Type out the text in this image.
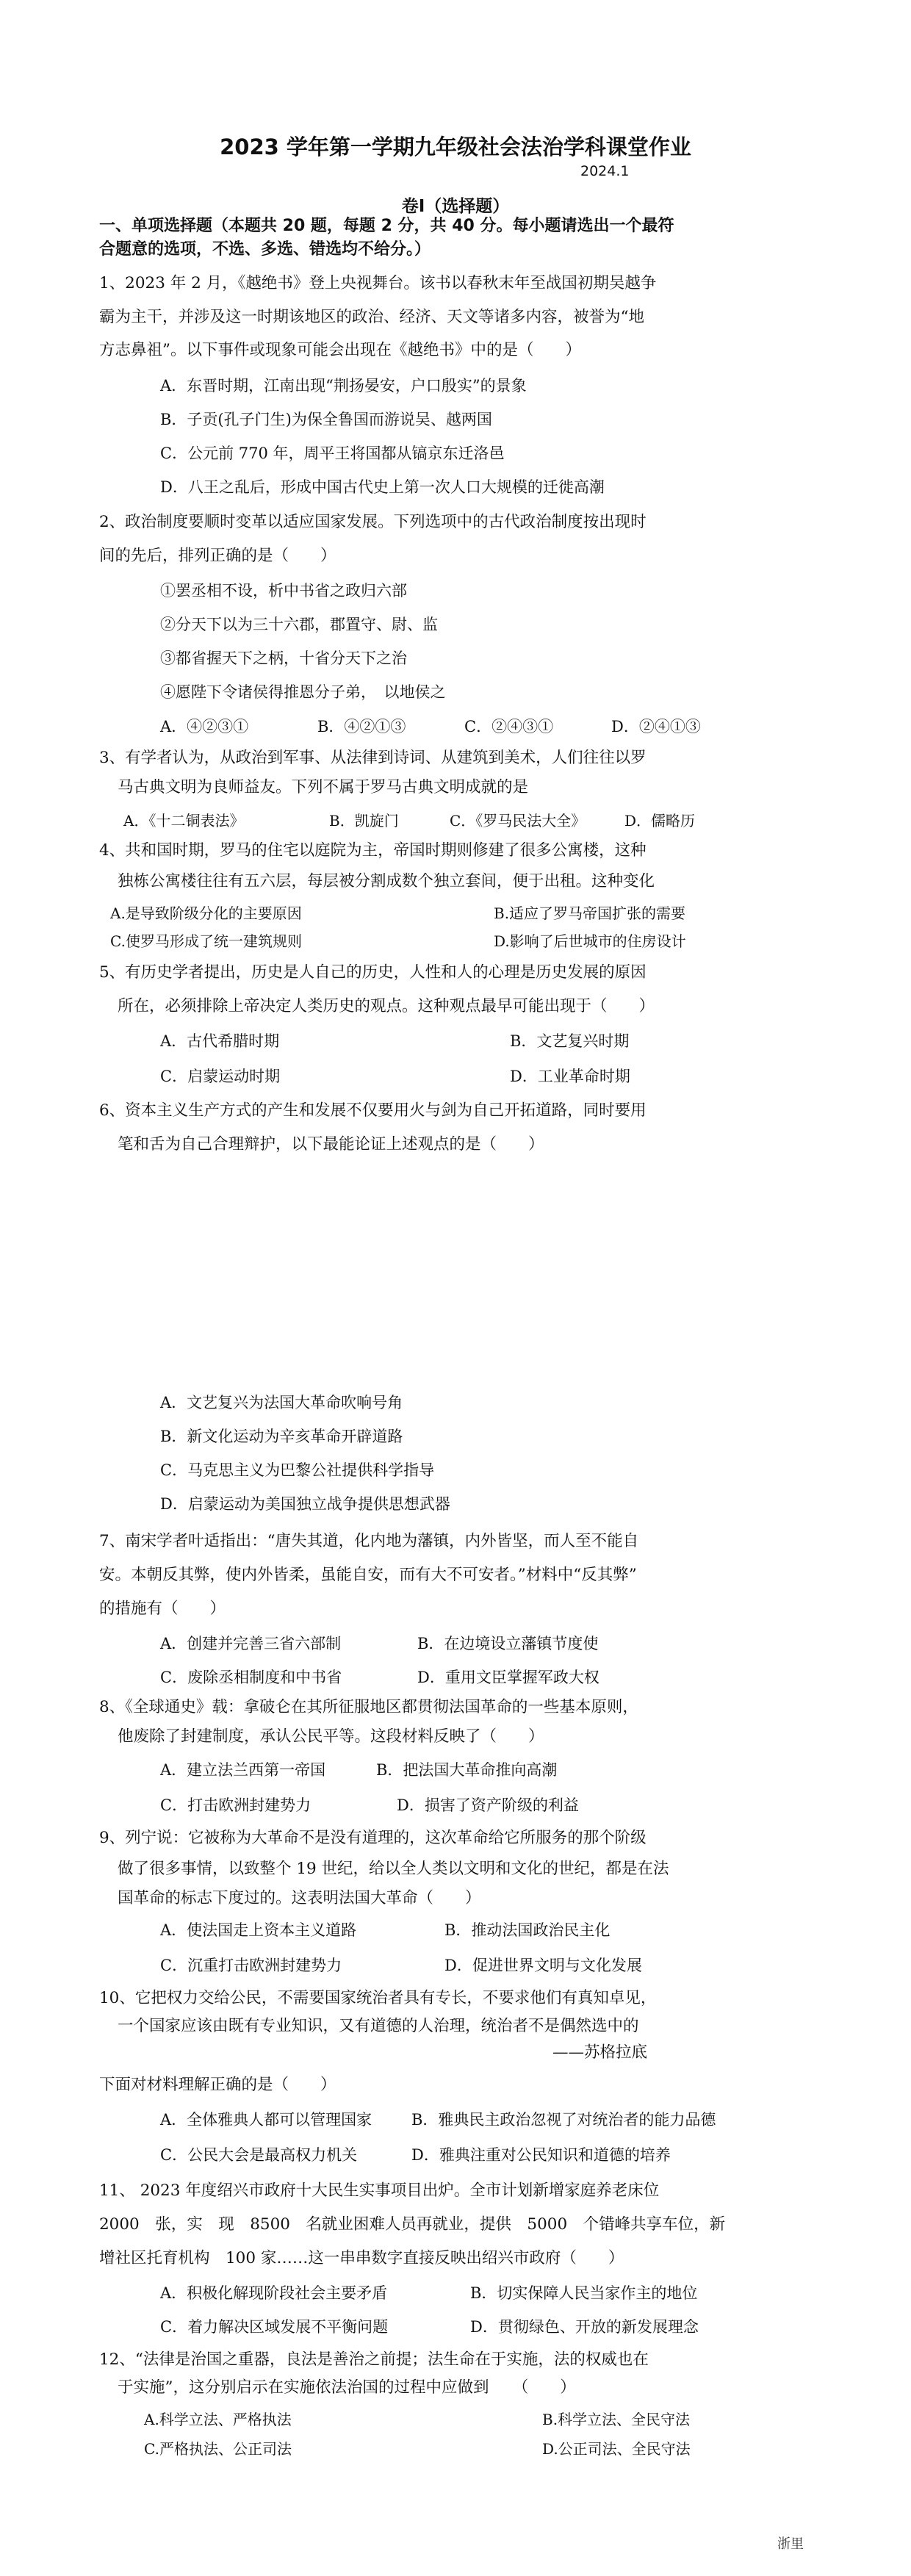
2023 学年第一学期九年级社会法治学科课堂作业
2024.1
卷Ⅰ（选择题）
一、单项选择题（本题共 20 题，每题 2 分，共 40 分。每小题请选出一个最符
合题意的选项，不选、多选、错选均不给分。）
1、2023 年 2 月，《越绝书》登上央视舞台。该书以春秋末年至战国初期吴越争
霸为主干，并涉及这一时期该地区的政治、经济、天文等诸多内容，被誉为“地
方志鼻祖”。以下事件或现象可能会出现在《越绝书》中的是（　　）
A．东晋时期，江南出现“荆扬晏安，户口殷实”的景象
B．子贡(孔子门生)为保全鲁国而游说吴、越两国
C．公元前 770 年，周平王将国都从镐京东迁洛邑
D．八王之乱后，形成中国古代史上第一次人口大规模的迁徙高潮
2、政治制度要顺时变革以适应国家发展。下列选项中的古代政治制度按出现时
间的先后，排列正确的是（　　）
①罢丞相不设，析中书省之政归六部
②分天下以为三十六郡，郡置守、尉、监
③都省握天下之柄，十省分天下之治
④愿陛下令诸侯得推恩分子弟，　以地侯之
A．④②③①	B．④②①③	C．②④③①	D．②④①③
3、有学者认为，从政治到军事、从法律到诗词、从建筑到美术，人们往往以罗
马古典文明为良师益友。下列不属于罗马古典文明成就的是
A．《十二铜表法》	B．凯旋门	C．《罗马民法大全》	D．儒略历
4、共和国时期，罗马的住宅以庭院为主，帝国时期则修建了很多公寓楼，这种
独栋公寓楼往往有五六层，每层被分割成数个独立套间，便于出租。这种变化
A.是导致阶级分化的主要原因	B.适应了罗马帝国扩张的需要
C.使罗马形成了统一建筑规则	D.影响了后世城市的住房设计
5、有历史学者提出，历史是人自己的历史，人性和人的心理是历史发展的原因
所在，必须排除上帝决定人类历史的观点。这种观点最早可能出现于（　　）
A．古代希腊时期	B．文艺复兴时期
C．启蒙运动时期	D．工业革命时期
6、资本主义生产方式的产生和发展不仅要用火与剑为自己开拓道路，同时要用
笔和舌为自己合理辩护，以下最能论证上述观点的是（　　）
A．文艺复兴为法国大革命吹响号角
B．新文化运动为辛亥革命开辟道路
C．马克思主义为巴黎公社提供科学指导
D．启蒙运动为美国独立战争提供思想武器
7、南宋学者叶适指出：“唐失其道，化内地为藩镇，内外皆坚，而人至不能自
安。本朝反其弊，使内外皆柔，虽能自安，而有大不可安者。”材料中“反其弊”
的措施有（　　）
A．创建并完善三省六部制	B．在边境设立藩镇节度使
C．废除丞相制度和中书省	D．重用文臣掌握军政大权
8、《全球通史》载：拿破仑在其所征服地区都贯彻法国革命的一些基本原则，
他废除了封建制度，承认公民平等。这段材料反映了（　　）
A．建立法兰西第一帝国	B．把法国大革命推向高潮
C．打击欧洲封建势力	D．损害了资产阶级的利益
9、列宁说：它被称为大革命不是没有道理的，这次革命给它所服务的那个阶级
做了很多事情，以致整个 19 世纪，给以全人类以文明和文化的世纪，都是在法
国革命的标志下度过的。这表明法国大革命（　　）
A．使法国走上资本主义道路	B．推动法国政治民主化
C．沉重打击欧洲封建势力	D．促进世界文明与文化发展
10、它把权力交给公民，不需要国家统治者具有专长，不要求他们有真知卓见，
一个国家应该由既有专业知识，又有道德的人治理，统治者不是偶然选中的
——苏格拉底
下面对材料理解正确的是（　　）
A．全体雅典人都可以管理国家	B．雅典民主政治忽视了对统治者的能力品德
C．公民大会是最高权力机关	D．雅典注重对公民知识和道德的培养
11、 2023 年度绍兴市政府十大民生实事项目出炉。全市计划新增家庭养老床位
2000　张，实　现　8500　名就业困难人员再就业，提供　5000　个错峰共享车位，新
增社区托育机构　100 家……这一串串数字直接反映出绍兴市政府（　　）
A．积极化解现阶段社会主要矛盾	B．切实保障人民当家作主的地位
C．着力解决区域发展不平衡问题	D．贯彻绿色、开放的新发展理念
12、“法律是治国之重器，良法是善治之前提；法生命在于实施，法的权威也在
于实施”，这分别启示在实施依法治国的过程中应做到　　（　　）
A.科学立法、严格执法	B.科学立法、全民守法
C.严格执法、公正司法	D.公正司法、全民守法
浙里
